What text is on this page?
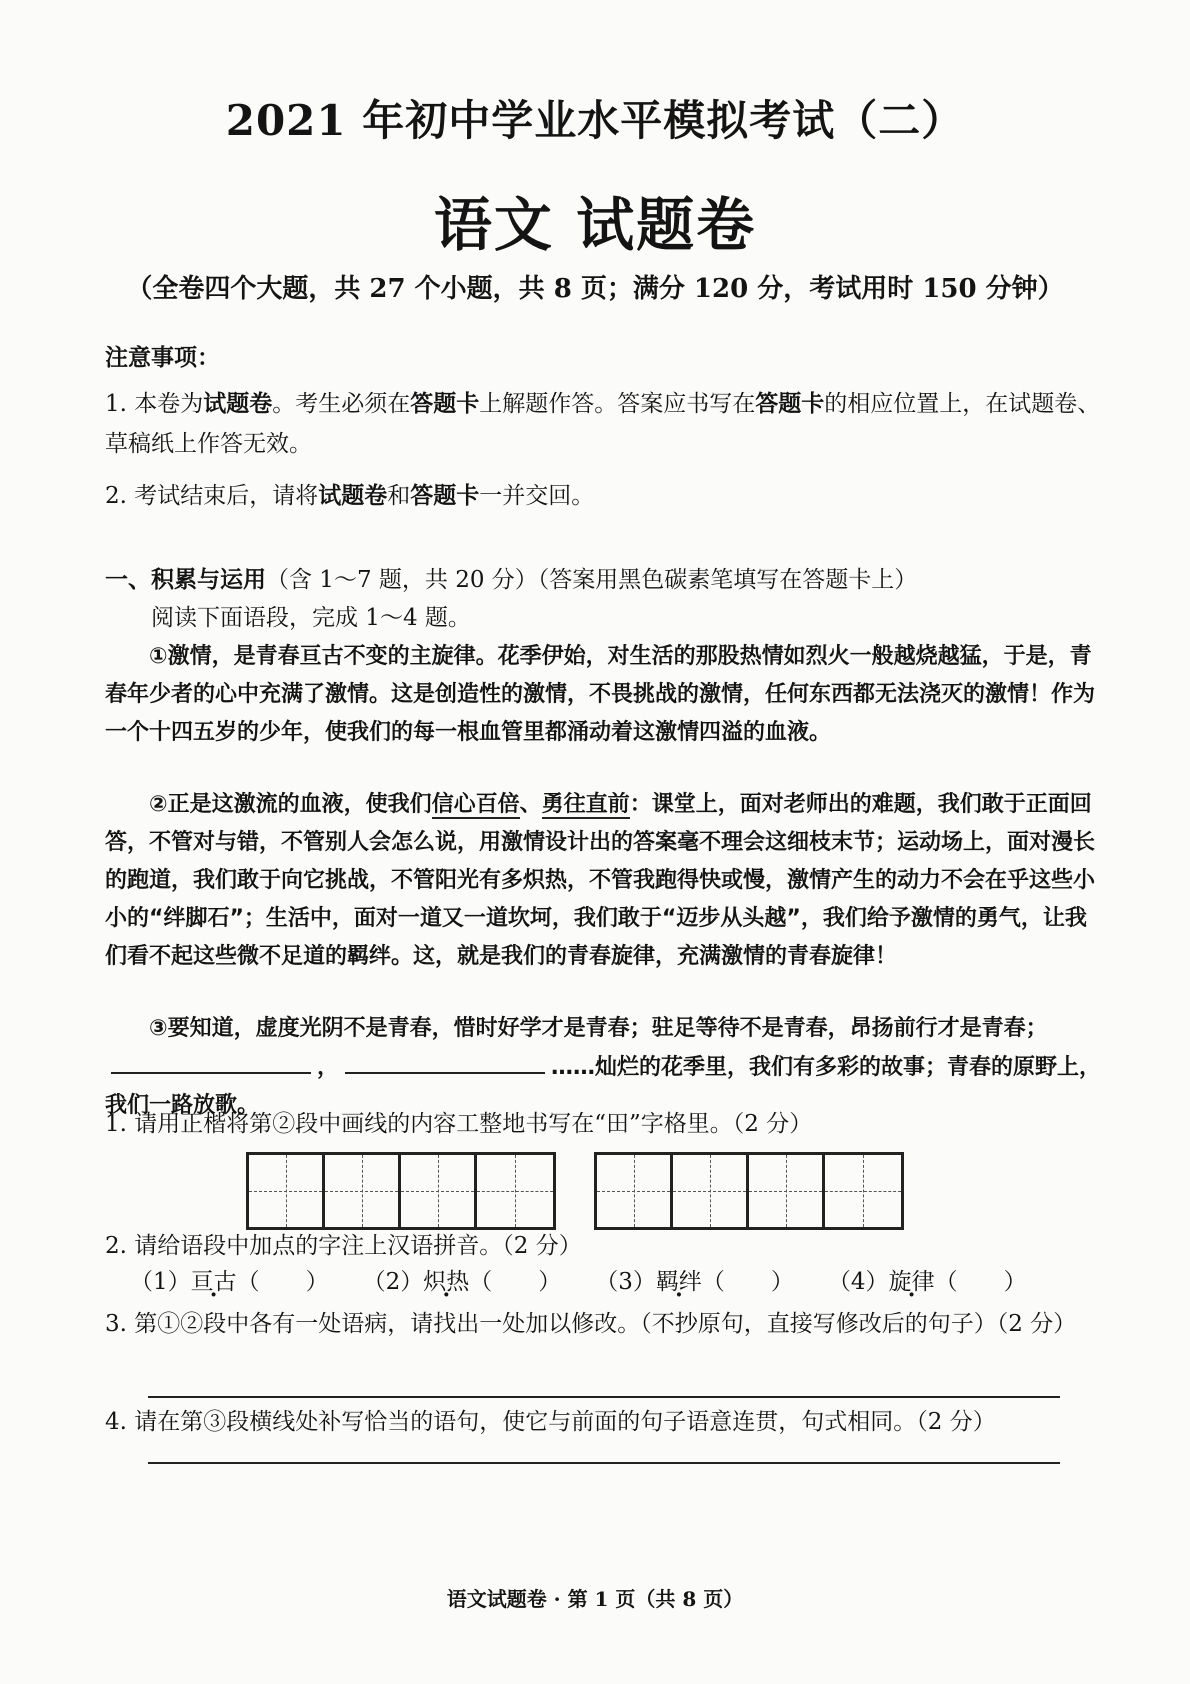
2021 年初中学业水平模拟考试（二）
语文 试题卷
（全卷四个大题，共 27 个小题，共 8 页；满分 120 分，考试用时 150 分钟）
注意事项：
1. 本卷为试题卷。考生必须在答题卡上解题作答。答案应书写在答题卡的相应位置上，在试题卷、草稿纸上作答无效。
2. 考试结束后，请将试题卷和答题卡一并交回。
一、积累与运用（含 1～7 题，共 20 分）（答案用黑色碳素笔填写在答题卡上）
阅读下面语段，完成 1～4 题。
①激情，是青春亘古不变的主旋律。花季伊始，对生活的那股热情如烈火一般越烧越猛，于是，青春年少者的心中充满了激情。这是创造性的激情，不畏挑战的激情，任何东西都无法浇灭的激情！作为一个十四五岁的少年，使我们的每一根血管里都涌动着这激情四溢的血液。
②正是这激流的血液，使我们信心百倍、勇往直前：课堂上，面对老师出的难题，我们敢于正面回答，不管对与错，不管别人会怎么说，用激情设计出的答案毫不理会这细枝末节；运动场上，面对漫长的跑道，我们敢于向它挑战，不管阳光有多炽热，不管我跑得快或慢，激情产生的动力不会在乎这些小小的“绊脚石”；生活中，面对一道又一道坎坷，我们敢于“迈步从头越”，我们给予激情的勇气，让我们看不起这些微不足道的羁绊。这，就是我们的青春旋律，充满激情的青春旋律！
③要知道，虚度光阴不是青春，惜时好学才是青春；驻足等待不是青春，昂扬前行才是青春；，	……灿烂的花季里，我们有多彩的故事；青春的原野上，我们一路放歌。
1. 请用正楷将第②段中画线的内容工整地书写在“田”字格里。（2 分）
2. 请给语段中加点的字注上汉语拼音。（2 分）
（1）亘古（　　） （2）炽热（　　） （3）羁绊（　　） （4）旋律（　　）
3. 第①②段中各有一处语病，请找出一处加以修改。（不抄原句，直接写修改后的句子）（2 分）
4. 请在第③段横线处补写恰当的语句，使它与前面的句子语意连贯，句式相同。（2 分）
语文试题卷 · 第 1 页（共 8 页）
